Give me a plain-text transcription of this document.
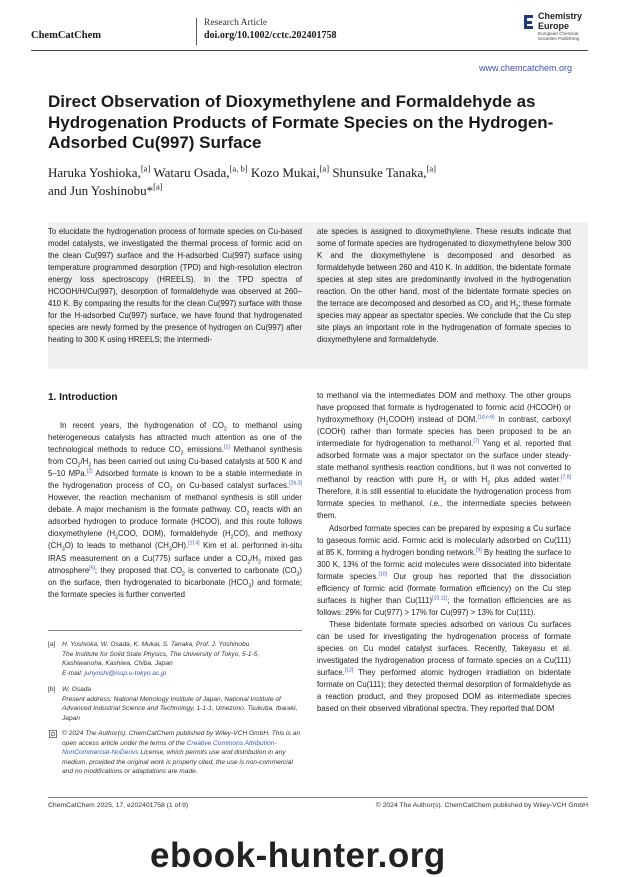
ChemCatChem
Research Article
doi.org/10.1002/cctc.202401758
Chemistry Europe
European Chemical
Societies Publishing
www.chemcatchem.org
Direct Observation of Dioxymethylene and Formaldehyde as Hydrogenation Products of Formate Species on the Hydrogen-Adsorbed Cu(997) Surface
Haruka Yoshioka,[a] Wataru Osada,[a, b] Kozo Mukai,[a] Shunsuke Tanaka,[a]
and Jun Yoshinobu*[a]
To elucidate the hydrogenation process of formate species on Cu-based model catalysts, we investigated the thermal process of formic acid on the clean Cu(997) surface and the H-adsorbed Cu(997) surface using temperature programmed desorption (TPD) and high-resolution electron energy loss spectroscopy (HREELS). In the TPD spectra of HCOOH/H/Cu(997), desorption of formaldehyde was observed at 260–410 K. By comparing the results for the clean Cu(997) surface with those for the H-adsorbed Cu(997) surface, we have found that hydrogenated species are newly formed by the presence of hydrogen on Cu(997) after heating to 300 K using HREELS; the intermedi-
ate species is assigned to dioxymethylene. These results indicate that some of formate species are hydrogenated to dioxymethylene below 300 K and the dioxymethylene is decomposed and desorbed as formaldehyde between 260 and 410 K. In addition, the bidentate formate species at step sites are predominantly involved in the hydrogenation reaction. On the other hand, most of the bidentate formate species on the terrace are decomposed and desorbed as $CO_2$ and $H_2$; these formate species may appear as spectator species. We conclude that the Cu step site plays an important role in the hydrogenation of formate species to dioxymethylene and formaldehyde.
1. Introduction

In recent years, the hydrogenation of $CO_2$ to methanol using heterogeneous catalysts has attracted much attention as one of the technological methods to reduce $CO_2$ emissions.[1] Methanol synthesis from $CO_2/H_2$ has been carried out using Cu-based catalysts at 500 K and 5–10 MPa.[2] Adsorbed formate is known to be a stable intermediate in the hydrogenation process of $CO_2$ on Cu-based catalyst surfaces.[2b,3] However, the reaction mechanism of methanol synthesis is still under debate. A major mechanism is the formate pathway. $CO_2$ reacts with an adsorbed hydrogen to produce formate (HCOO), and this route follows dioxymethylene ($H_2COO$, DOM), formaldehyde $(H_2CO)$, and methoxy $(CH_3O)$ to leads to methanol $(CH_3OH).[1f,4]$ Kim et al. performed in-situ IRAS measurement on a Cu(775) surface under a $CO_2/H_2$ mixed gas atmosphere[5]; they proposed that $CO_2$ is converted to carbonate $(CO_3)$ on the surface, then hydrogenated to bicarbonate $(HCO_3)$ and formate; the formate species is further converted

to methanol via the intermediates DOM and methoxy. The other groups have proposed that formate is hydrogenated to formic acid (HCOOH) or hydroxymethoxy $(H_2COOH)$ instead of DOM.[1d,e,6] In contrast, carboxyl (COOH) rather than formate species has been proposed to be an intermediate for hydrogenation to methanol.[7] Yang et al. reported that adsorbed formate was a major spectator on the surface under steady-state methanol synthesis reaction conditions, but it was not converted to methanol by reaction with pure $H_2$ or with $H_2$ plus added water.[7,8] Therefore, it is still essential to elucidate the hydrogenation process from formate species to methanol, i.e., the intermediate species between them.

Adsorbed formate species can be prepared by exposing a Cu surface to gaseous formic acid. Formic acid is molecularly adsorbed on Cu(111) at 85 K, forming a hydrogen bonding network.[9] By heating the surface to 300 K, 13% of the formic acid molecules were dissociated into bidentate formate species.[10] Our group has reported that the dissociation efficiency of formic acid (formate formation efficiency) on the Cu step surfaces is higher than Cu(111)[10,11]; the formation efficiencies are as follows: 29% for Cu(977) > 17% for Cu(997) > 13% for Cu(111).

These bidentate formate species adsorbed on various Cu surfaces can be used for investigating the hydrogenation process of formate species on Cu model catalyst surfaces. Recently, Takeyasu et al. investigated the hydrogenation process of formate species on a Cu(111) surface.[12] They performed atomic hydrogen irradiation on bidentate formate on Cu(111); they detected thermal desorption of formaldehyde as a reaction product, and they proposed DOM as intermediate species based on their observed vibrational spectra. They reported that DOM

[a] H. Yoshioka, W. Osada, K. Mukai, S. Tanaka, Prof. J. Yoshinobu
The Institute for Solid State Physics, The University of Tokyo, 5-1-5, Kashiwanoha, Kashiwa, Chiba, Japan
E-mail: junyoshi@issp.u-tokyo.ac.jp
[b] W. Osada
Present address: National Metrology Institute of Japan, National Institute of Advanced Industrial Science and Technology, 1-1-1, Umezono, Tsukuba, Ibaraki, Japan
© 2024 The Author(s). ChemCatChem published by Wiley-VCH GmbH. This is an open access article under the terms of the Creative Commons Attribution-NonCommercial-NoDerivs License, which permits use and distribution in any medium, provided the original work is properly cited, the use is non-commercial and no modifications or adaptations are made.
ChemCatChem 2025, 17, e202401758 (1 of 9)	© 2024 The Author(s). ChemCatChem published by Wiley-VCH GmbH
ebook-hunter.org
